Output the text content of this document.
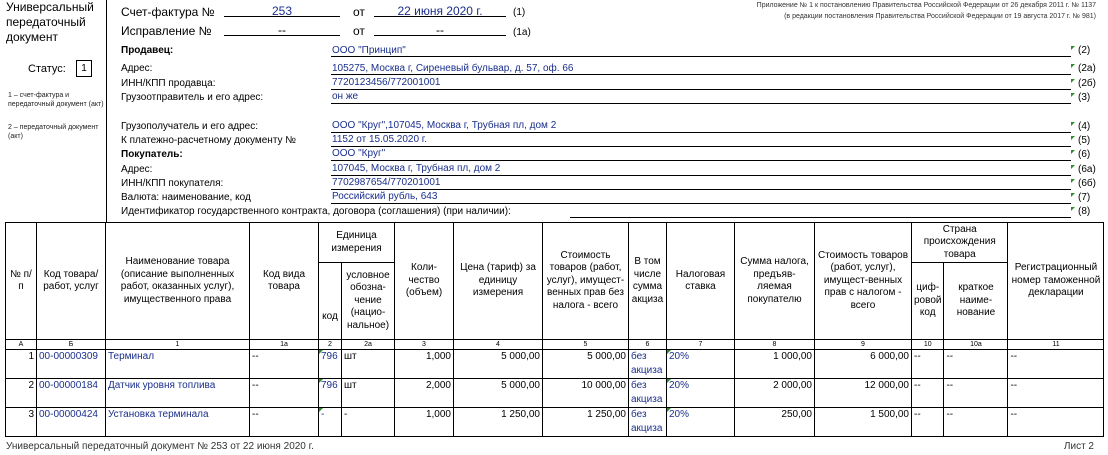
Универсальный передаточный документ
Статус:	1
1 – счет-фактура и передаточный документ (акт)
2 – передаточный документ (акт)
Счет-фактура №	253	от	22 июня 2020 г.	(1)
Исправление №	--	от	--	(1а)
Приложение № 1 к постановлению Правительства Российской Федерации от 26 декабря 2011 г. № 1137
(в редакции постановления Правительства Российской Федерации от 19 августа 2017 г. № 981)
Продавец:	ООО "Принцип"	(2)
Адрес:	105275, Москва г, Сиреневый бульвар, д. 57, оф. 66	(2а)
ИНН/КПП продавца:	7720123456/772001001	(2б)
Грузоотправитель и его адрес:	он же	(3)
Грузополучатель и его адрес:	ООО "Круг",107045, Москва г, Трубная пл, дом 2	(4)
К платежно-расчетному документу №	1152 от 15.05.2020 г.	(5)
Покупатель:	ООО "Круг"	(6)
Адрес:	107045, Москва г, Трубная пл, дом 2	(6а)
ИНН/КПП покупателя:	7702987654/770201001	(6б)
Валюта: наименование, код	Российский рубль, 643	(7)
Идентификатор государственного контракта, договора (соглашения) (при наличии):	(8)
№ п/п	Код товара/ работ, услуг	Наименование товара (описание выполненных работ, оказанных услуг), имущественного права	Код вида товара	Единица измерения		Коли-чество (объем)	Цена (тариф) за единицу измерения	Стоимость товаров (работ, услуг), имущест-венных прав без налога - всего	В том числе сумма акциза	Налоговая ставка	Сумма налога, предъяв-ляемая покупателю	Стоимость товаров (работ, услуг), имущест-венных прав с налогом - всего	Страна происхождения товара		Регистрационный номер таможенной декларации
				код	условное обозна-чение (нацио-нальное)								циф-ровой код	краткое наиме-нование	
А	Б	1	1а	2	2а	3	4	5	6	7	8	9	10	10а	11
1	00-00000309	Терминал	--	796	шт	1,000	5 000,00	5 000,00	без акциза	20%	1 000,00	6 000,00	--	--	--
2	00-00000184	Датчик уровня топлива	--	796	шт	2,000	5 000,00	10 000,00	без акциза	20%	2 000,00	12 000,00	--	--	--
3	00-00000424	Установка терминала	--	-	-	1,000	1 250,00	1 250,00	без акциза	20%	250,00	1 500,00	--	--	--
Универсальный передаточный документ № 253 от 22 июня 2020 г.	Лист 2
